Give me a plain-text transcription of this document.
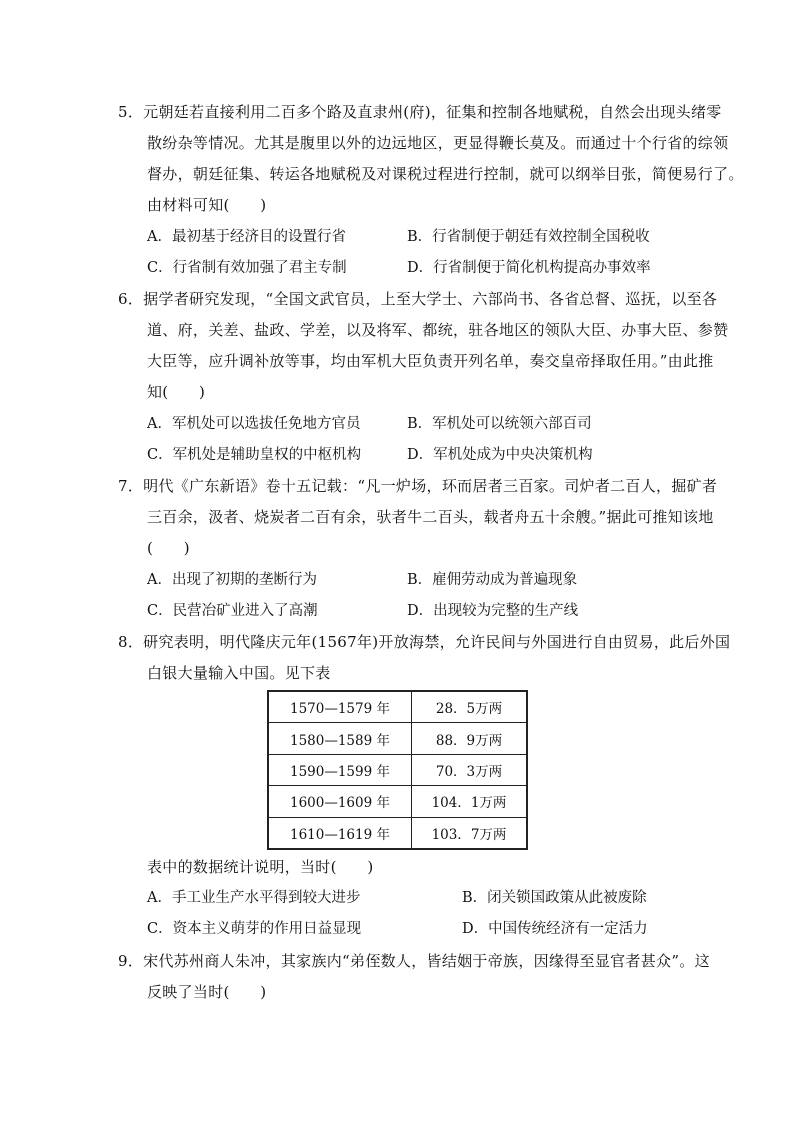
5．元朝廷若直接利用二百多个路及直隶州(府)，征集和控制各地赋税，自然会出现头绪零
散纷杂等情况。尤其是腹里以外的边远地区，更显得鞭长莫及。而通过十个行省的综领
督办，朝廷征集、转运各地赋税及对课税过程进行控制，就可以纲举目张，简便易行了。
由材料可知(　　)
A．最初基于经济目的设置行省	B．行省制便于朝廷有效控制全国税收
C．行省制有效加强了君主专制	D．行省制便于简化机构提高办事效率
6．据学者研究发现，“全国文武官员，上至大学士、六部尚书、各省总督、巡抚，以至各
道、府，关差、盐政、学差，以及将军、都统，驻各地区的领队大臣、办事大臣、参赞
大臣等，应升调补放等事，均由军机大臣负责开列名单，奏交皇帝择取任用。”由此推
知(　　)
A．军机处可以选拔任免地方官员	B．军机处可以统领六部百司
C．军机处是辅助皇权的中枢机构	D．军机处成为中央决策机构
7．明代《广东新语》卷十五记载：“凡一炉场，环而居者三百家。司炉者二百人，掘矿者
三百余，汲者、烧炭者二百有余，驮者牛二百头，载者舟五十余艘。”据此可推知该地
(　　)
A．出现了初期的垄断行为	B．雇佣劳动成为普遍现象
C．民营冶矿业进入了高潮	D．出现较为完整的生产线
8．研究表明，明代隆庆元年(1567年)开放海禁，允许民间与外国进行自由贸易，此后外国
白银大量输入中国。见下表
1570—1579 年	28．5万两
1580—1589 年	88．9万两
1590—1599 年	70．3万两
1600—1609 年	104．1万两
1610—1619 年	103．7万两
表中的数据统计说明，当时(　　)
A．手工业生产水平得到较大进步	B．闭关锁国政策从此被废除
C．资本主义萌芽的作用日益显现	D．中国传统经济有一定活力
9．宋代苏州商人朱冲，其家族内“弟侄数人，皆结姻于帝族，因缘得至显官者甚众”。这
反映了当时(　　)
